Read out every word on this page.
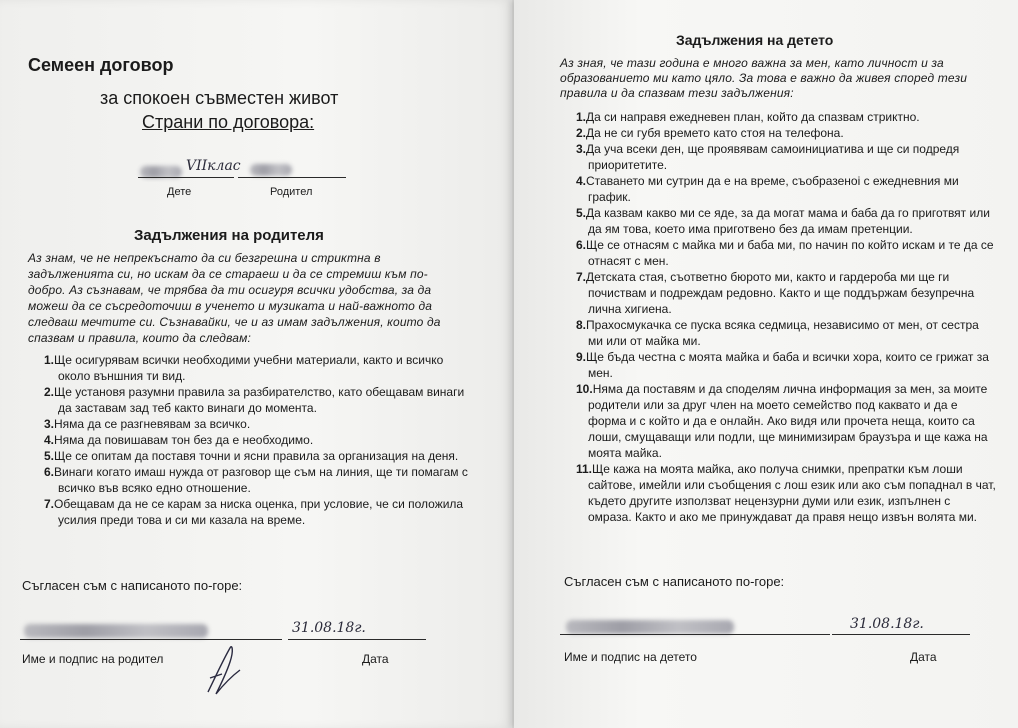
Семеен договор
за спокоен съвместен живот
Страни по договора:
VIIклас
Дете	Родител
Задължения на родителя
Аз знам, че не непрекъснато да си безгрешна и стриктна в задълженията си, но искам да се стараеш и да се стремиш към по-добро. Аз съзнавам, че трябва да ти осигуря всички удобства, за да можеш да се съсредоточиш в ученето и музиката и най-важното да следваш мечтите си. Съзнавайки, че и аз имам задължения, които да спазвам и правила, които да следвам:
1.Ще осигурявам всички необходими учебни материали, както и всичко около външния ти вид.
2.Ще установя разумни правила за разбирателство, като обещавам винаги да заставам зад теб както винаги до момента.
3.Няма да се разгневявам за всичко.
4.Няма да повишавам тон без да е необходимо.
5.Ще се опитам да поставя точни и ясни правила за организация на деня.
6.Винаги когато имаш нужда от разговор ще съм на линия, ще ти помагам с всичко във всяко едно отношение.
7.Обещавам да не се карам за ниска оценка, при условие, че си положила усилия преди това и си ми казала на време.
Съгласен съм с написаното по-горе:
31.08.18г.
Име и подпис на родител	Дата
Задължения на детето
Аз зная, че тази година е много важна за мен, като личност и за образованието ми като цяло. За това е важно да живея според тези правила и да спазвам тези задължения:
1.Да си направя ежедневен план, който да спазвам стриктно.
2.Да не си губя времето като стоя на телефона.
3.Да уча всеки ден, ще проявявам самоинициатива и ще си подредя приоритетите.
4.Ставането ми сутрин да е на време, съобразеноi с ежедневния ми график.
5.Да казвам какво ми се яде, за да могат мама и баба да го приготвят или да ям това, което има приготвено без да имам претенции.
6.Ще се отнасям с майка ми и баба ми, по начин по който искам и те да се отнасят с мен.
7.Детската стая, съответно бюрото ми, както и гардероба ми ще ги почиствам и подреждам редовно. Както и ще поддържам безупречна лична хигиена.
8.Прахосмукачка се пуска всяка седмица, независимо от мен, от сестра ми или от майка ми.
9.Ще бъда честна с моята майка и баба и всички хора, които се грижат за мен.
10.Няма да поставям и да споделям лична информация за мен, за моите родители или за друг член на моето семейство под каквато и да е форма и с който и да е онлайн. Ако видя или прочета неща, които са лоши, смущаващи или подли, ще минимизирам браузъра и ще кажа на моята майка.
11.Ще кажа на моята майка, ако получа снимки, препратки към лоши сайтове, имейли или съобщения с лош език или ако съм попаднал в чат, където другите използват нецензурни думи или език, изпълнен с омраза. Както и ако ме принуждават да правя нещо извън волята ми.
Съгласен съм с написаното по-горе:
31.08.18г.
Име и подпис на детето	Дата
